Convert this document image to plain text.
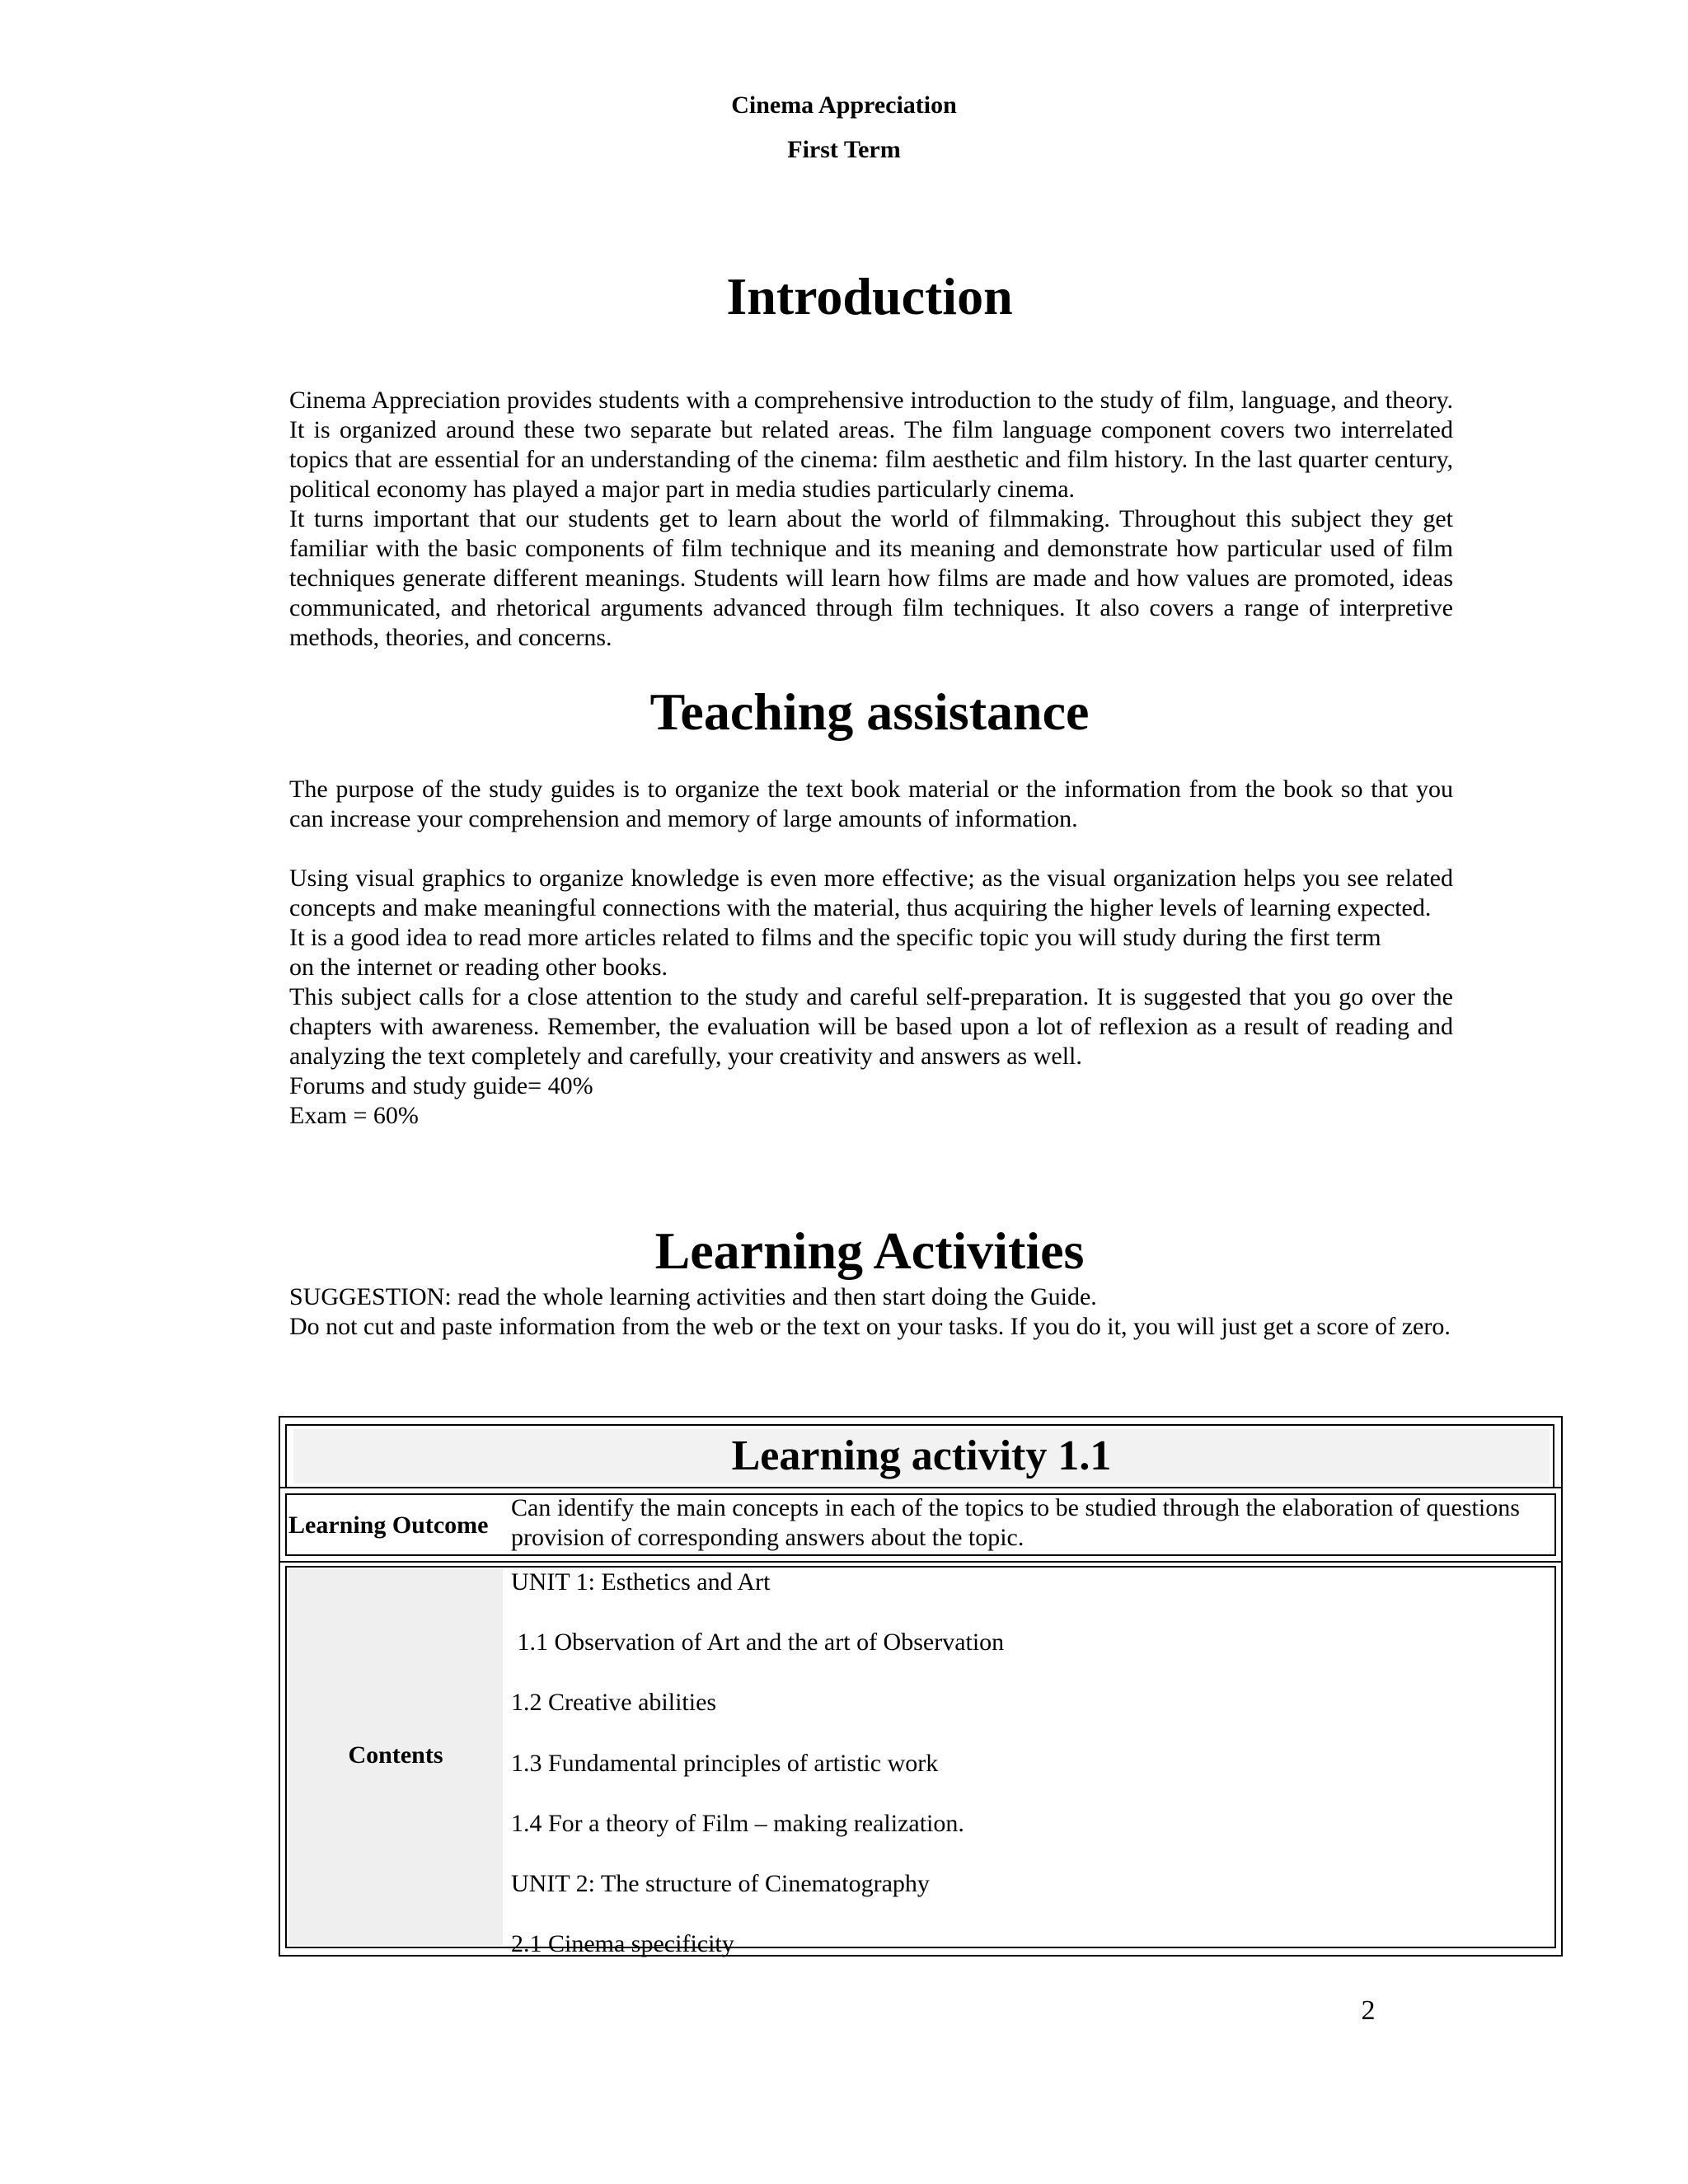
Cinema Appreciation
First Term
Introduction

Cinema Appreciation provides students with a comprehensive introduction to the study of film, language, and theory. It is organized around these two separate but related areas. The film language component covers two interrelated topics that are essential for an understanding of the cinema: film aesthetic and film history. In the last quarter century, political economy has played a major part in media studies particularly cinema.

It turns important that our students get to learn about the world of filmmaking. Throughout this subject they get familiar with the basic components of film technique and its meaning and demonstrate how particular used of film techniques generate different meanings. Students will learn how films are made and how values are promoted, ideas communicated, and rhetorical arguments advanced through film techniques. It also covers a range of interpretive methods, theories, and concerns.

Teaching assistance

The purpose of the study guides is to organize the text book material or the information from the book so that you can increase your comprehension and memory of large amounts of information.

Using visual graphics to organize knowledge is even more effective; as the visual organization helps you see related concepts and make meaningful connections with the material, thus acquiring the higher levels of learning expected.

It is a good idea to read more articles related to films and the specific topic you will study during the first term

on the internet or reading other books.

This subject calls for a close attention to the study and careful self-preparation. It is suggested that you go over the chapters with awareness. Remember, the evaluation will be based upon a lot of reflexion as a result of reading and analyzing the text completely and carefully, your creativity and answers as well.

Forums and study guide= 40%

Exam = 60%

Learning Activities

SUGGESTION: read the whole learning activities and then start doing the Guide.

Do not cut and paste information from the web or the text on your tasks. If you do it, you will just get a score of zero.

Learning activity 1.1
Learning Outcome
Can identify the main concepts in each of the topics to be studied through the elaboration of questions
provision of corresponding answers about the topic.
Contents
UNIT 1: Esthetics and Art
1.1 Observation of Art and the art of Observation
1.2 Creative abilities
1.3 Fundamental principles of artistic work
1.4 For a theory of Film – making realization.
UNIT 2: The structure of Cinematography
2.1 Cinema specificity
2
